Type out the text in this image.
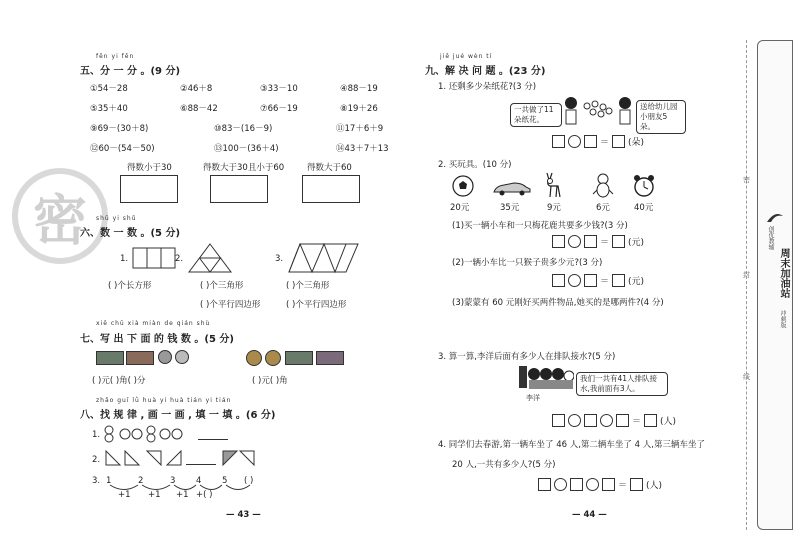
密
fēn yi fēn
五、分 一 分 。(9 分)
①54－28	②46＋8	③33－10	④88－19
⑤35＋40	⑥88－42	⑦66－19	⑧19＋26
⑨69－(30＋8)	⑩83－(16－9)	⑪17＋6＋9
⑫60－(54－50)	⑬100－(36＋4)	⑭43＋7＋13
得数小于30	得数大于30且小于60	得数大于60
shǔ yi shǔ
六、数 一 数 。(5 分)
1.	2.	3.
( )个长方形	( )个三角形
( )个平行四边形
( )个三角形
( )个平行四边形
xiě chū xià miàn de qián shù
七、写 出 下 面 的 钱 数 。(5 分)
( )元( )角( )分	( )元( )角
zhǎo guī lǜ huà yi huà tián yi tián
八、找 规 律 , 画 一 画 , 填 一 填 。(6 分)
1.
2.
3. 1	2	3 4 5 ( )
+1 +1 +1 +( )
— 43 —
jiě jué wèn tí
九、解 决 问 题 。(23 分)
1. 还剩多少朵纸花?(3 分)
一共做了11朵纸花。
送给幼儿园小朋友5朵。
＝ (朵)
2. 买玩具。(10 分)
20元	35元	9元	6元	40元
(1)买一辆小车和一只梅花鹿共要多少钱?(3 分)
＝ (元)
(2)一辆小车比一只猴子贵多少元?(3 分)
＝ (元)
(3)蒙蒙有 60 元刚好买两件物品,她买的是哪两件?(4 分)
3. 算一算,李洋后面有多少人在排队接水?(5 分)
李洋
我们一共有41人排队接水,我前面有3人。
＝ (人)
4. 同学们去春游,第一辆车坐了 46 人,第二辆车坐了 4 人,第三辆车坐了
20 人,一共有多少人?(5 分)
＝ (人)
— 44 —
密
封
线
创优教辅
周末加油站
冲刺版
